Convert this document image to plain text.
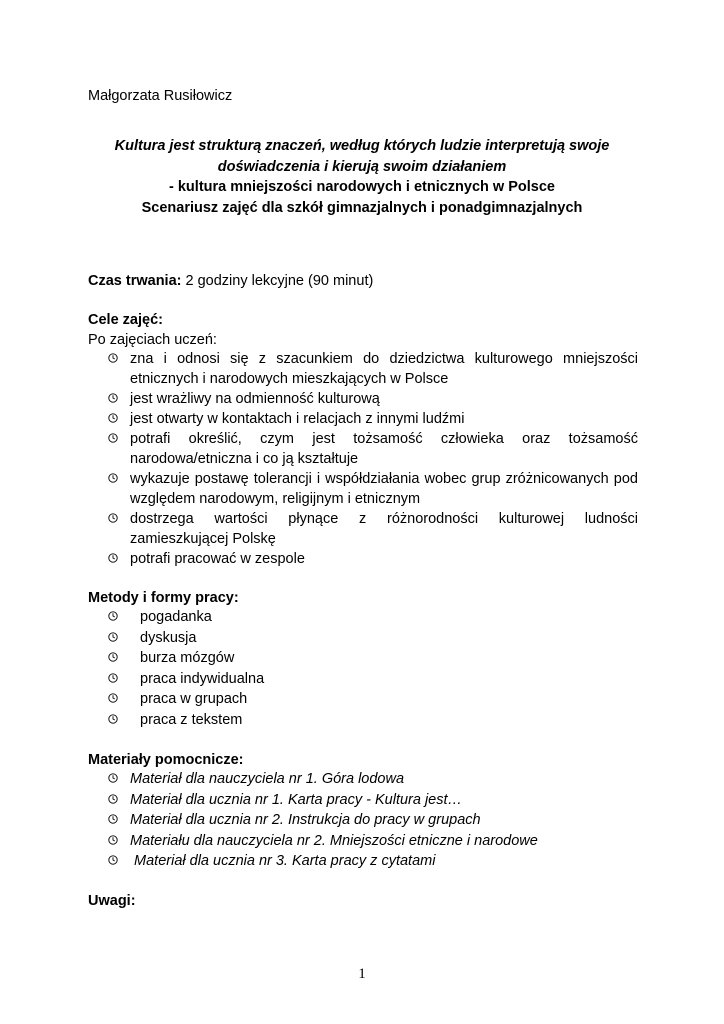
Małgorzata Rusiłowicz
Kultura jest strukturą znaczeń, według których ludzie interpretują swoje
doświadczenia i kierują swoim działaniem
- kultura mniejszości narodowych i etnicznych w Polsce
Scenariusz zajęć dla szkół gimnazjalnych i ponadgimnazjalnych
Czas trwania: 2 godziny lekcyjne (90 minut)
Cele zajęć:
Po zajęciach uczeń:
zna i odnosi się z szacunkiem do dziedzictwa kulturowego mniejszości etnicznych i narodowych mieszkających w Polsce
jest wrażliwy na odmienność kulturową
jest otwarty w kontaktach i relacjach z innymi ludźmi
potrafi określić, czym jest tożsamość człowieka oraz tożsamość narodowa/etniczna i co ją kształtuje
wykazuje postawę tolerancji i współdziałania wobec grup zróżnicowanych pod względem narodowym, religijnym i etnicznym
dostrzega wartości płynące z różnorodności kulturowej ludności zamieszkującej Polskę
potrafi pracować w zespole
Metody i formy pracy:
pogadanka
dyskusja
burza mózgów
praca indywidualna
praca w grupach
praca z tekstem
Materiały pomocnicze:
Materiał dla nauczyciela nr 1. Góra lodowa
Materiał dla ucznia nr 1. Karta pracy - Kultura jest…
Materiał dla ucznia nr 2. Instrukcja do pracy w grupach
Materiału dla nauczyciela nr 2. Mniejszości etniczne i narodowe
Materiał dla ucznia nr 3. Karta pracy z cytatami
Uwagi:
1
